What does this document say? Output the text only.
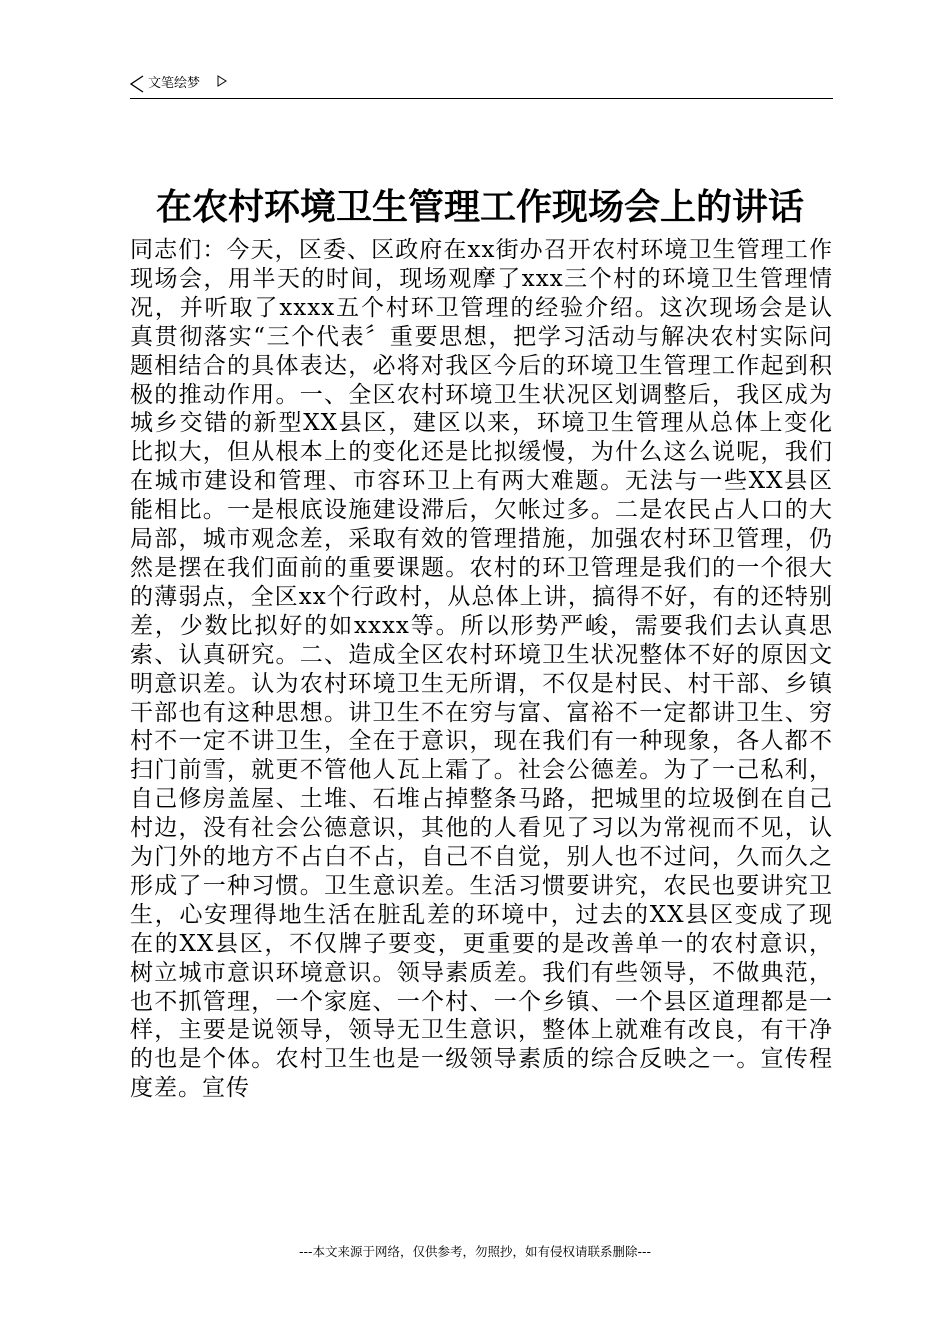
文笔绘梦
在农村环境卫生管理工作现场会上的讲话

同志们：今天，区委、区政府在xx街办召开农村环境卫生管理工作现场会，用半天的时间，现场观摩了xxx三个村的环境卫生管理情况，并听取了xxxx五个村环卫管理的经验介绍。这次现场会是认真贯彻落实“三个代表〞重要思想，把学习活动与解决农村实际问题相结合的具体表达，必将对我区今后的环境卫生管理工作起到积极的推动作用。一、全区农村环境卫生状况区划调整后，我区成为城乡交错的新型XX县区，建区以来，环境卫生管理从总体上变化比拟大，但从根本上的变化还是比拟缓慢，为什么这么说呢，我们在城市建设和管理、市容环卫上有两大难题。无法与一些XX县区能相比。一是根底设施建设滞后，欠帐过多。二是农民占人口的大局部，城市观念差，采取有效的管理措施，加强农村环卫管理，仍然是摆在我们面前的重要课题。农村的环卫管理是我们的一个很大的薄弱点，全区xx个行政村，从总体上讲，搞得不好，有的还特别差，少数比拟好的如xxxx等。所以形势严峻，需要我们去认真思索、认真研究。二、造成全区农村环境卫生状况整体不好的原因文明意识差。认为农村环境卫生无所谓，不仅是村民、村干部、乡镇干部也有这种思想。讲卫生不在穷与富、富裕不一定都讲卫生、穷村不一定不讲卫生，全在于意识，现在我们有一种现象，各人都不扫门前雪，就更不管他人瓦上霜了。社会公德差。为了一己私利，自己修房盖屋、土堆、石堆占掉整条马路，把城里的垃圾倒在自己村边，没有社会公德意识，其他的人看见了习以为常视而不见，认为门外的地方不占白不占，自己不自觉，别人也不过问，久而久之形成了一种习惯。卫生意识差。生活习惯要讲究，农民也要讲究卫生，心安理得地生活在脏乱差的环境中，过去的XX县区变成了现在的XX县区，不仅牌子要变，更重要的是改善单一的农村意识，树立城市意识环境意识。领导素质差。我们有些领导，不做典范，也不抓管理，一个家庭、一个村、一个乡镇、一个县区道理都是一样，主要是说领导，领导无卫生意识，整体上就难有改良，有干净的也是个体。农村卫生也是一级领导素质的综合反映之一。宣传程度差。宣传

---本文来源于网络，仅供参考，勿照抄，如有侵权请联系删除---
